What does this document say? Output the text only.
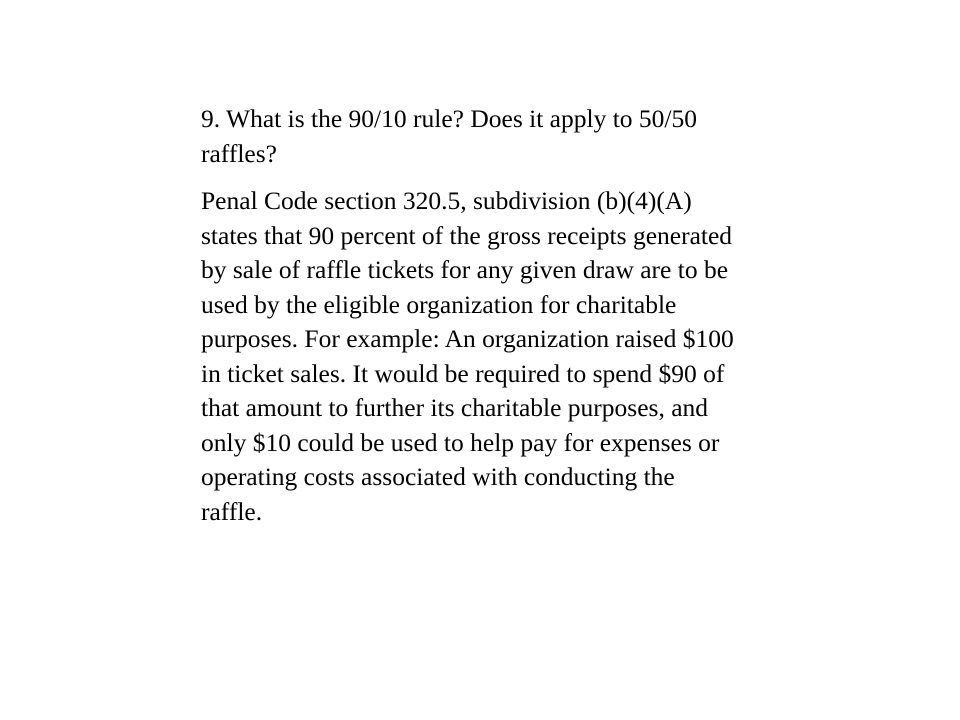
9. What is the 90/10 rule? Does it apply to 50/50
raffles?

Penal Code section 320.5, subdivision (b)(4)(A)
states that 90 percent of the gross receipts generated
by sale of raffle tickets for any given draw are to be
used by the eligible organization for charitable
purposes. For example: An organization raised $100
in ticket sales. It would be required to spend $90 of
that amount to further its charitable purposes, and
only $10 could be used to help pay for expenses or
operating costs associated with conducting the
raffle.
